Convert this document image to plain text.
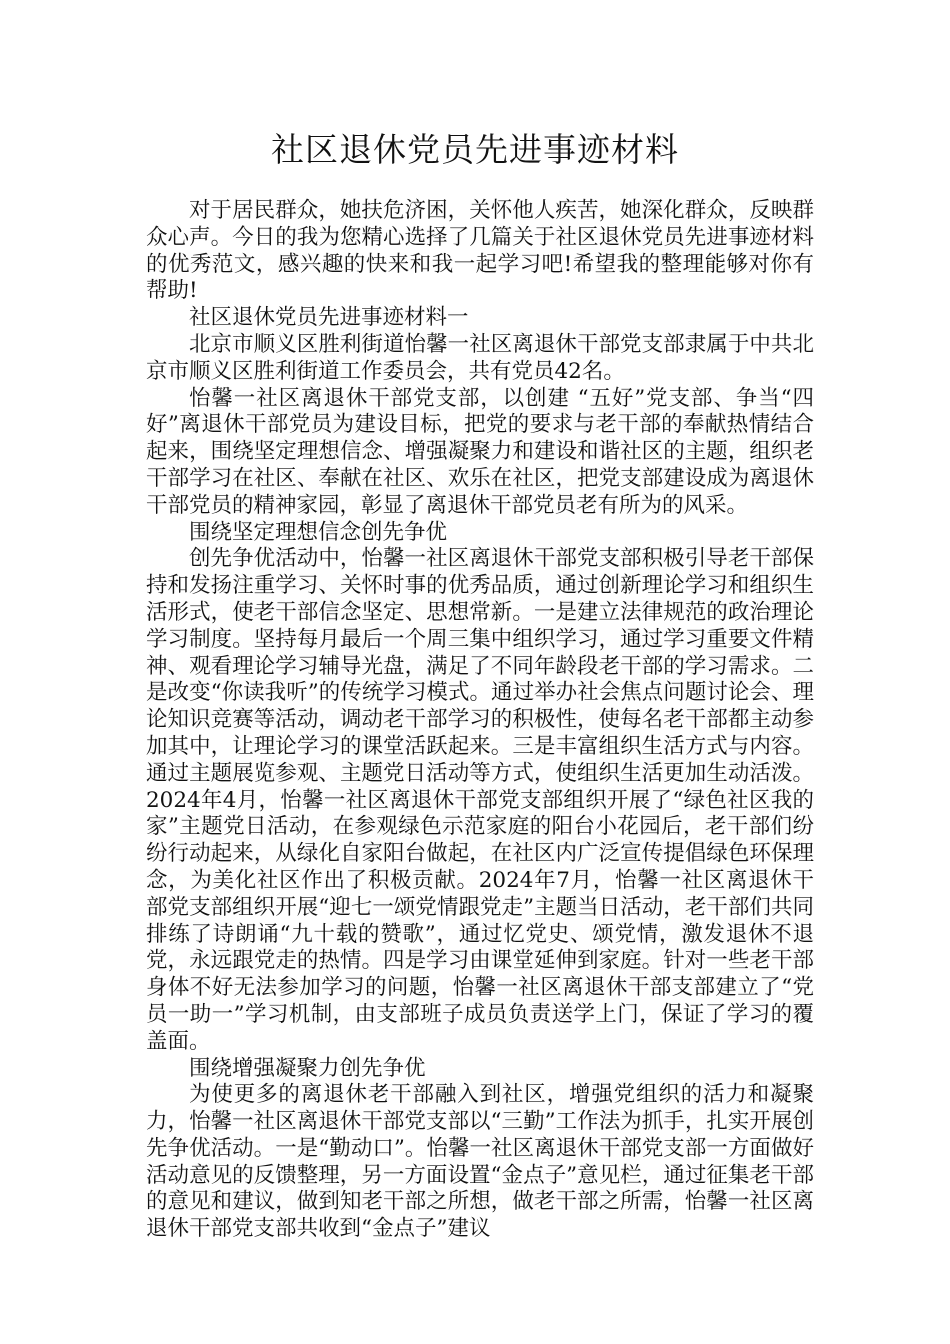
社区退休党员先进事迹材料

对于居民群众，她扶危济困，关怀他人疾苦，她深化群众，反映群众心声。今日的我为您精心选择了几篇关于社区退休党员先进事迹材料的优秀范文，感兴趣的快来和我一起学习吧!希望我的整理能够对你有帮助!

社区退休党员先进事迹材料一

北京市顺义区胜利街道怡馨一社区离退休干部党支部隶属于中共北京市顺义区胜利街道工作委员会，共有党员42名。

怡馨一社区离退休干部党支部，以创建 “五好”党支部、争当“四好”离退休干部党员为建设目标，把党的要求与老干部的奉献热情结合起来，围绕坚定理想信念、增强凝聚力和建设和谐社区的主题，组织老干部学习在社区、奉献在社区、欢乐在社区，把党支部建设成为离退休干部党员的精神家园，彰显了离退休干部党员老有所为的风采。

围绕坚定理想信念创先争优

创先争优活动中，怡馨一社区离退休干部党支部积极引导老干部保持和发扬注重学习、关怀时事的优秀品质，通过创新理论学习和组织生活形式，使老干部信念坚定、思想常新。一是建立法律规范的政治理论学习制度。坚持每月最后一个周三集中组织学习，通过学习重要文件精神、观看理论学习辅导光盘，满足了不同年龄段老干部的学习需求。二是改变“你读我听”的传统学习模式。通过举办社会焦点问题讨论会、理论知识竞赛等活动，调动老干部学习的积极性，使每名老干部都主动参加其中，让理论学习的课堂活跃起来。三是丰富组织生活方式与内容。通过主题展览参观、主题党日活动等方式，使组织生活更加生动活泼。2024年4月，怡馨一社区离退休干部党支部组织开展了“绿色社区我的家”主题党日活动，在参观绿色示范家庭的阳台小花园后，老干部们纷纷行动起来，从绿化自家阳台做起，在社区内广泛宣传提倡绿色环保理念，为美化社区作出了积极贡献。2024年7月，怡馨一社区离退休干部党支部组织开展“迎七一颂党情跟党走”主题当日活动，老干部们共同排练了诗朗诵“九十载的赞歌”，通过忆党史、颂党情，激发退休不退党，永远跟党走的热情。四是学习由课堂延伸到家庭。针对一些老干部身体不好无法参加学习的问题，怡馨一社区离退休干部支部建立了“党员一助一”学习机制，由支部班子成员负责送学上门，保证了学习的覆盖面。

围绕增强凝聚力创先争优

为使更多的离退休老干部融入到社区，增强党组织的活力和凝聚力，怡馨一社区离退休干部党支部以“三勤”工作法为抓手，扎实开展创先争优活动。一是“勤动口”。怡馨一社区离退休干部党支部一方面做好活动意见的反馈整理，另一方面设置“金点子”意见栏，通过征集老干部的意见和建议，做到知老干部之所想，做老干部之所需，怡馨一社区离退休干部党支部共收到“金点子”建议
